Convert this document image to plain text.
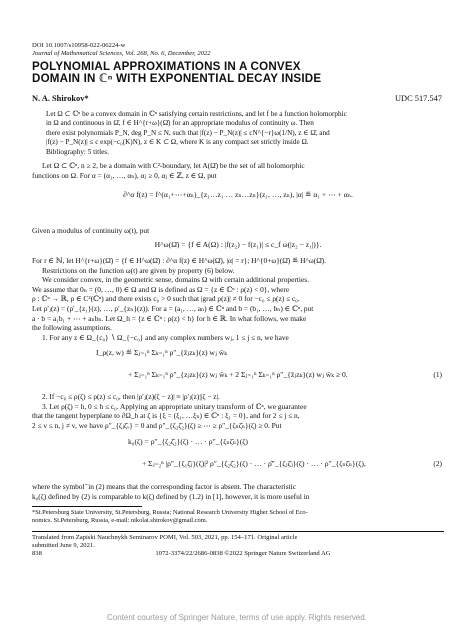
DOI 10.1007/s10958-022-06224-w
Journal of Mathematical Sciences, Vol. 268, No. 6, December, 2022
POLYNOMIAL APPROXIMATIONS IN A CONVEX
DOMAIN IN ℂⁿ WITH EXPONENTIAL DECAY INSIDE
N. A. Shirokov*	UDC 517.547
Let Ω ⊂ ℂⁿ be a convex domain in ℂⁿ satisfying certain restrictions, and let f be a function holomorphic
in Ω and continuous in Ω̄, f ∈ H^{r+ω}(Ω̄) for an appropriate modulus of continuity ω. Then
there exist polynomials P_N, deg P_N ≤ N, such that |f(z) − P_N(z)| ≤ cN^{−r}ω(1/N), z ∈ Ω̄, and
|f(z) − P_N(z)| ≤ c exp(−c₀(K)N), z ∈ K ⊂ Ω, where K is any compact set strictly inside Ω.
Bibliography: 5 titles.
Let Ω ⊂ ℂⁿ, n ≥ 2, be a domain with C²-boundary, let A(Ω̄) be the set of all holomorphic
functions on Ω. For α = (α₁, …, αₙ), αⱼ ≥ 0, αⱼ ∈ ℤ, z ∈ Ω, put
∂^α f(z) = f^(α₁+⋯+αₙ)_{z₁…z₁ … zₙ…zₙ}(z₁, …, zₙ), |α| ≝ α₁ + ⋯ + αₙ.
Given a modulus of continuity ω(t), put
H^ω(Ω̄) = {f ∈ A(Ω) : |f(z₂) − f(z₁)| ≤ c_f ω(|z₂ − z₁|)}.
For r ∈ ℕ, let H^{r+ω}(Ω̄) = {f ∈ H^ω(Ω̄) : ∂^α f(z) ∈ H^ω(Ω̄), |α| = r}; H^{0+ω}(Ω̄) ≝ H^ω(Ω̄).
Restrictions on the function ω(t) are given by property (6) below.
We consider convex, in the geometric sense, domains Ω with certain additional properties.
We assume that 0ₙ = (0, …, 0) ∈ Ω and Ω is defined as Ω = {z ∈ ℂⁿ : ρ(z) < 0}, where
ρ : ℂⁿ → ℝ, ρ ∈ C²(ℂⁿ) and there exists c₀ > 0 such that |grad ρ(z)| ≠ 0 for −c₀ ≤ ρ(z) ≤ c₀.
Let ρ′ⱼ(z) = (ρ′_{z₁}(z), …, ρ′_{zₙ}(z)). For a = (a₁, …, aₙ) ∈ ℂⁿ and b = (b₁, …, bₙ) ∈ ℂⁿ, put
a · b = a₁b₁ + ⋯ + aₙbₙ. Let Ω_h = {z ∈ ℂⁿ : ρ(z) < h} for h ∈ ℝ. In what follows, we make
the following assumptions.
1. For any z ∈ Ω_{c₀} ∖ Ω_{−c₀} and any complex numbers wⱼ, 1 ≤ j ≤ n, we have
I_ρ(z, w) ≝ Σⱼ₌₁ⁿ Σₖ₌₁ⁿ ρ″_{z̄ⱼzₖ}(z) wⱼ w̄ₖ
+ Σⱼ₌₁ⁿ Σₖ₌₁ⁿ ρ″_{zⱼzₖ}(z) wⱼ w̄ₖ + 2 Σⱼ₌₁ⁿ Σₖ₌₁ⁿ ρ″_{z̄ⱼzₖ}(z) wⱼ w̄ₖ ≥ 0.	(1)
2. If −c₀ ≤ ρ(ζ) ≤ ρ(z) ≤ c₀, then |ρ′ⱼ(z)(ζ − z)| ≈ |ρ′ⱼ(z)||ζ − z|.
3. Let ρ(ζ) = h, 0 ≤ h ≤ c₀. Applying an appropriate unitary transform of ℂⁿ, we guarantee
that the tangent hyperplane to ∂Ω_h at ζ is {ξ = (ξ₁, …ξₙ) ∈ ℂⁿ : ξ₁ = 0}, and for 2 ≤ j ≤ n,
2 ≤ ν ≤ n, j ≠ ν, we have ρ″_{ζⱼζ̄ᵥ} = 0 and ρ″_{ζ₂ζ̄₂}(ζ) ≥ ⋯ ≥ ρ″_{ζₙζ̄ₙ}(ζ) ≥ 0. Put
k₀(ζ) = ρ″_{ζ₂ζ̄₂}(ζ) · … · ρ″_{ζₙζ̄ₙ}(ζ)
+ Σⱼ₌₂ⁿ |ρ″_{ζ₁ζ̄ⱼ}(ζ)|² ρ″_{ζ₂ζ̄₂}(ζ) · … · ρ̂″_{ζⱼζ̄ⱼ}(ζ) · … · ρ″_{ζₙζ̄ₙ}(ζ),	(2)
where the symbol ̂ in (2) means that the corresponding factor is absent. The characteristic
k₀(ζ) defined by (2) is comparable to k(ζ) defined by (1.2) in [1], however, it is more useful in
*St.Petersburg State University, St.Petersburg, Russia; National Research University Higher School of Eco-
nomics. St.Petersburg, Russia, e-mail: nikolai.shirokov@gmail.com.
Translated from Zapiski Nauchnykh Seminarov POMI, Vol. 503, 2021, pp. 154–171. Original article
submitted June 9, 2021.
838	1072-3374/22/2686-0838 ©2022 Springer Nature Switzerland AG
Content courtesy of Springer Nature, terms of use apply. Rights reserved.
